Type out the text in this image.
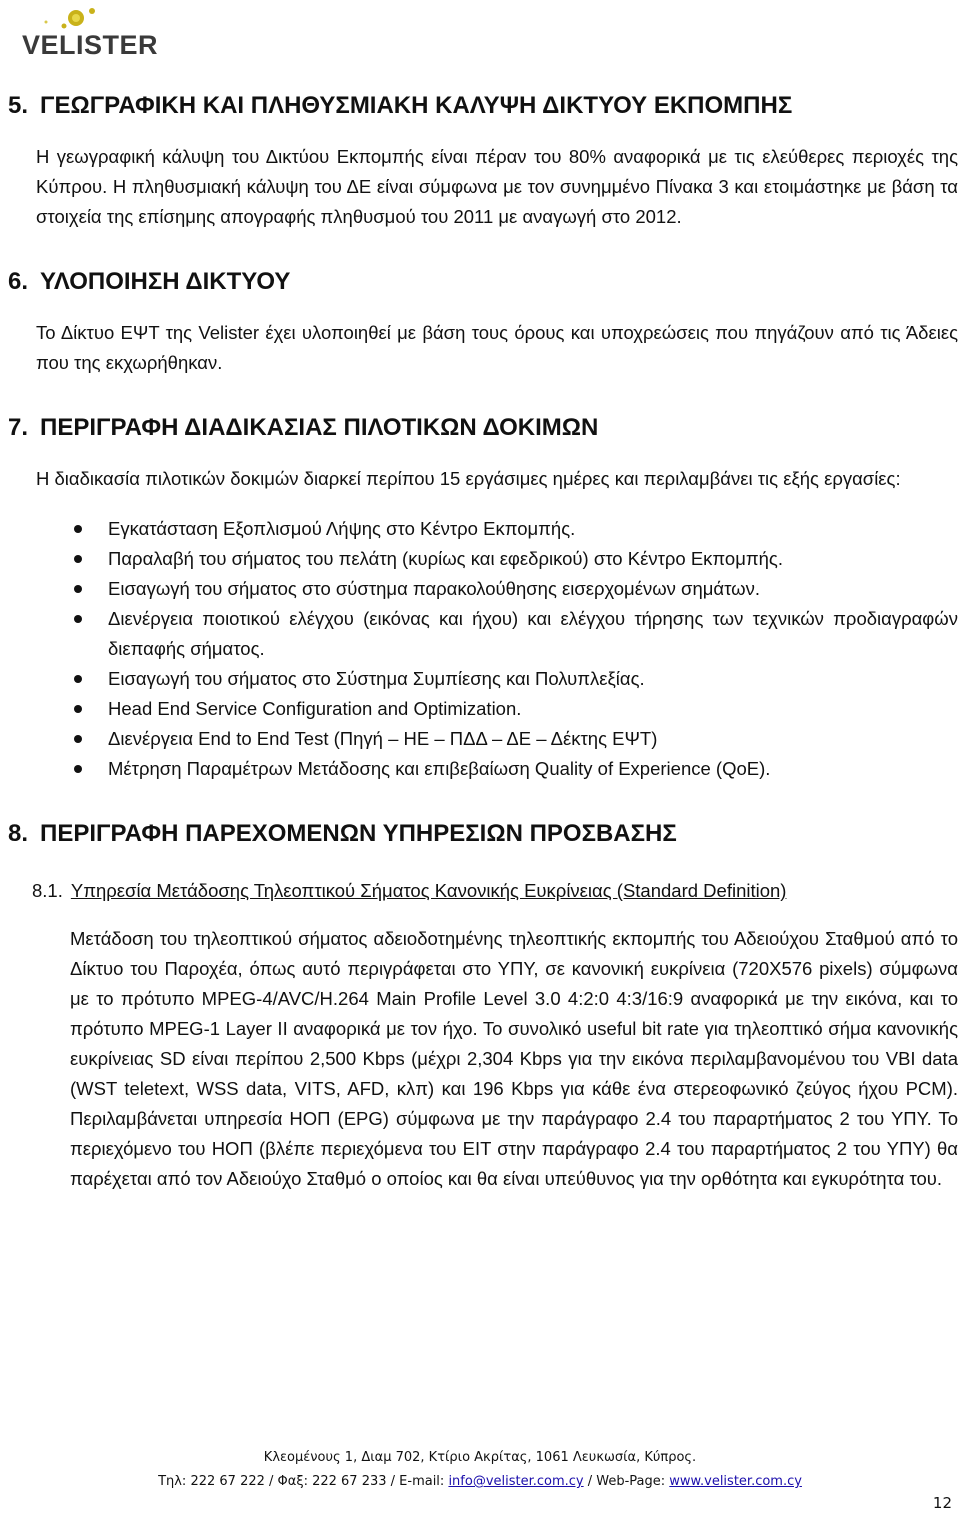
VELISTER
5. ΓΕΩΓΡΑΦΙΚΗ ΚΑΙ ΠΛΗΘΥΣΜΙΑΚΗ ΚΑΛΥΨΗ ΔΙΚΤΥΟΥ ΕΚΠΟΜΠΗΣ

Η γεωγραφική κάλυψη του Δικτύου Εκπομπής είναι πέραν του 80% αναφορικά με τις ελεύθερες περιοχές της Κύπρου. Η πληθυσμιακή κάλυψη του ΔΕ είναι σύμφωνα με τον συνημμένο Πίνακα 3 και ετοιμάστηκε με βάση τα στοιχεία της επίσημης απογραφής πληθυσμού του 2011 με αναγωγή στο 2012.

6. ΥΛΟΠΟΙΗΣΗ ΔΙΚΤΥΟΥ

Το Δίκτυο ΕΨΤ της Velister έχει υλοποιηθεί με βάση τους όρους και υποχρεώσεις που πηγάζουν από τις Άδειες που της εκχωρήθηκαν.

7. ΠΕΡΙΓΡΑΦΗ ΔΙΑΔΙΚΑΣΙΑΣ ΠΙΛΟΤΙΚΩΝ ΔΟΚΙΜΩΝ

Η διαδικασία πιλοτικών δοκιμών διαρκεί περίπου 15 εργάσιμες ημέρες και περιλαμβάνει τις εξής εργασίες:

Εγκατάσταση Εξοπλισμού Λήψης στο Κέντρο Εκπομπής.
Παραλαβή του σήματος του πελάτη (κυρίως και εφεδρικού) στο Κέντρο Εκπομπής.
Εισαγωγή του σήματος στο σύστημα παρακολούθησης εισερχομένων σημάτων.
Διενέργεια ποιοτικού ελέγχου (εικόνας και ήχου) και ελέγχου τήρησης των τεχνικών προδιαγραφών διεπαφής σήματος.
Εισαγωγή του σήματος στο Σύστημα Συμπίεσης και Πολυπλεξίας.
Head End Service Configuration and Optimization.
Διενέργεια End to End Test (Πηγή – ΗΕ – ΠΔΔ – ΔΕ – Δέκτης ΕΨΤ)
Μέτρηση Παραμέτρων Μετάδοσης και επιβεβαίωση Quality of Experience (QoE).
8. ΠΕΡΙΓΡΑΦΗ ΠΑΡΕΧΟΜΕΝΩΝ ΥΠΗΡΕΣΙΩΝ ΠΡΟΣΒΑΣΗΣ

8.1. Υπηρεσία Μετάδοσης Τηλεοπτικού Σήματος Κανονικής Ευκρίνειας (Standard Definition)

Μετάδοση του τηλεοπτικού σήματος αδειοδοτημένης τηλεοπτικής εκπομπής του Αδειούχου Σταθμού από το Δίκτυο του Παροχέα, όπως αυτό περιγράφεται στο ΥΠΥ, σε κανονική ευκρίνεια (720X576 pixels) σύμφωνα με το πρότυπο MPEG-4/AVC/H.264 Main Profile Level 3.0 4:2:0 4:3/16:9 αναφορικά με την εικόνα, και το πρότυπο MPEG-1 Layer II αναφορικά με τον ήχο. Το συνολικό useful bit rate για τηλεοπτικό σήμα κανονικής ευκρίνειας SD είναι περίπου 2,500 Kbps (μέχρι 2,304 Kbps για την εικόνα περιλαμβανομένου του VBI data (WST teletext, WSS data, VITS, AFD, κλπ) και 196 Kbps για κάθε ένα στερεοφωνικό ζεύγος ήχου PCM). Περιλαμβάνεται υπηρεσία ΗΟΠ (EPG) σύμφωνα με την παράγραφο 2.4 του παραρτήματος 2 του ΥΠΥ. Το περιεχόμενο του ΗΟΠ (βλέπε περιεχόμενα του EIT στην παράγραφο 2.4 του παραρτήματος 2 του ΥΠΥ) θα παρέχεται από τον Αδειούχο Σταθμό ο οποίος και θα είναι υπεύθυνος για την ορθότητα και εγκυρότητα του.

Κλεομένους 1, Διαμ 702, Κτίριο Ακρίτας, 1061 Λευκωσία, Κύπρος.
Τηλ: 222 67 222 / Φαξ: 222 67 233 / E-mail: info@velister.com.cy / Web-Page: www.velister.com.cy
12
